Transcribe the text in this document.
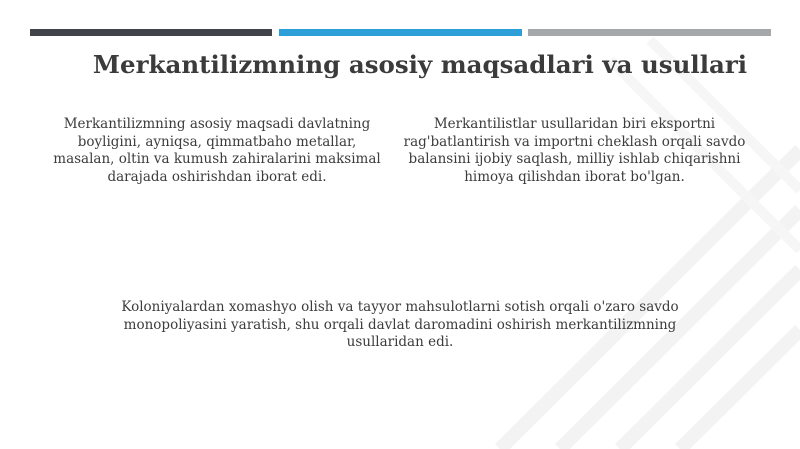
Merkantilizmning asosiy maqsadlari va usullari

Merkantilizmning asosiy maqsadi davlatning boyligini, ayniqsa, qimmatbaho metallar, masalan, oltin va kumush zahiralarini maksimal darajada oshirishdan iborat edi.

Merkantilistlar usullaridan biri eksportni rag'batlantirish va importni cheklash orqali savdo balansini ijobiy saqlash, milliy ishlab chiqarishni himoya qilishdan iborat bo'lgan.

Koloniyalardan xomashyo olish va tayyor mahsulotlarni sotish orqali o'zaro savdo monopoliyasini yaratish, shu orqali davlat daromadini oshirish merkantilizmning usullaridan edi.
